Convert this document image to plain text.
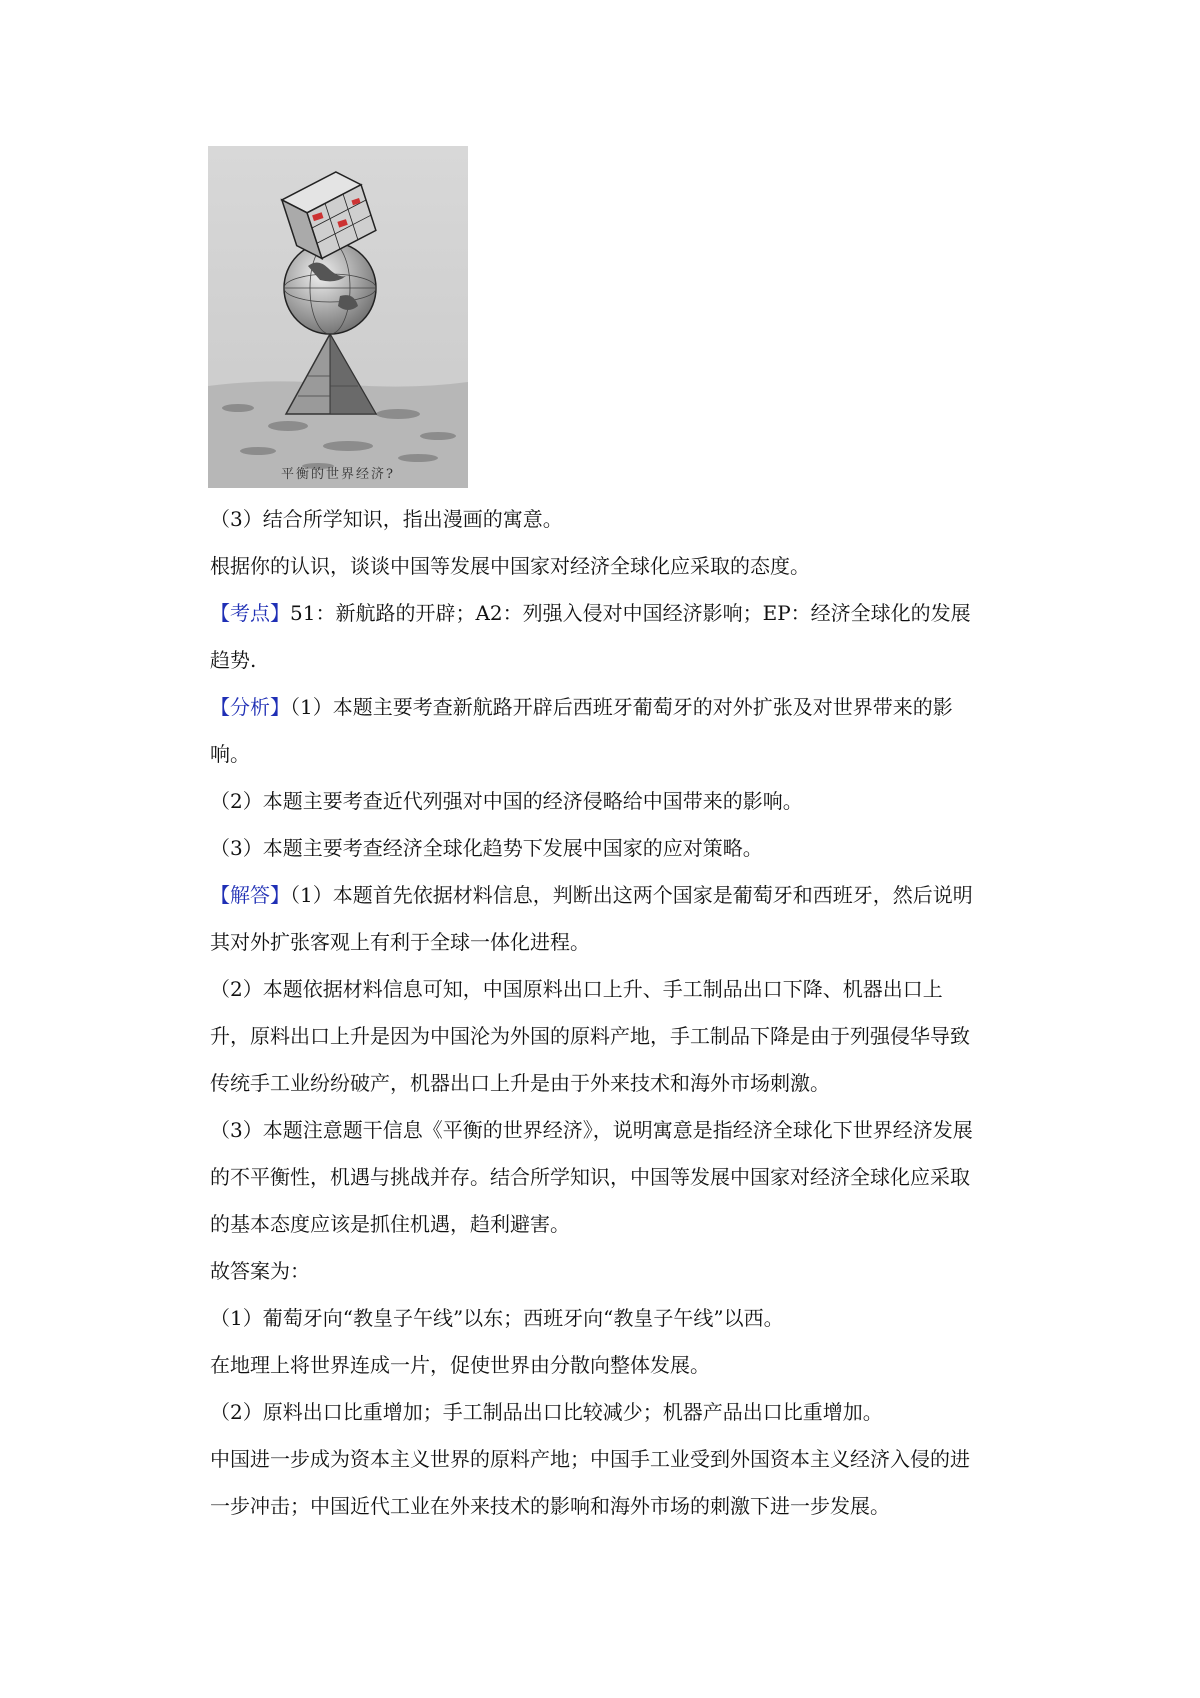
平衡的世界经济?
（3）结合所学知识，指出漫画的寓意。
根据你的认识，谈谈中国等发展中国家对经济全球化应采取的态度。
【考点】51：新航路的开辟；A2：列强入侵对中国经济影响；EP：经济全球化的发展
趋势.
【分析】（1）本题主要考查新航路开辟后西班牙葡萄牙的对外扩张及对世界带来的影
响。
（2）本题主要考查近代列强对中国的经济侵略给中国带来的影响。
（3）本题主要考查经济全球化趋势下发展中国家的应对策略。
【解答】（1）本题首先依据材料信息，判断出这两个国家是葡萄牙和西班牙，然后说明
其对外扩张客观上有利于全球一体化进程。
（2）本题依据材料信息可知，中国原料出口上升、手工制品出口下降、机器出口上
升，原料出口上升是因为中国沦为外国的原料产地，手工制品下降是由于列强侵华导致
传统手工业纷纷破产，机器出口上升是由于外来技术和海外市场刺激。
（3）本题注意题干信息《平衡的世界经济》，说明寓意是指经济全球化下世界经济发展
的不平衡性，机遇与挑战并存。结合所学知识，中国等发展中国家对经济全球化应采取
的基本态度应该是抓住机遇，趋利避害。
故答案为：
（1）葡萄牙向“教皇子午线”以东；西班牙向“教皇子午线”以西。
在地理上将世界连成一片，促使世界由分散向整体发展。
（2）原料出口比重增加；手工制品出口比较减少；机器产品出口比重增加。
中国进一步成为资本主义世界的原料产地；中国手工业受到外国资本主义经济入侵的进
一步冲击；中国近代工业在外来技术的影响和海外市场的刺激下进一步发展。
